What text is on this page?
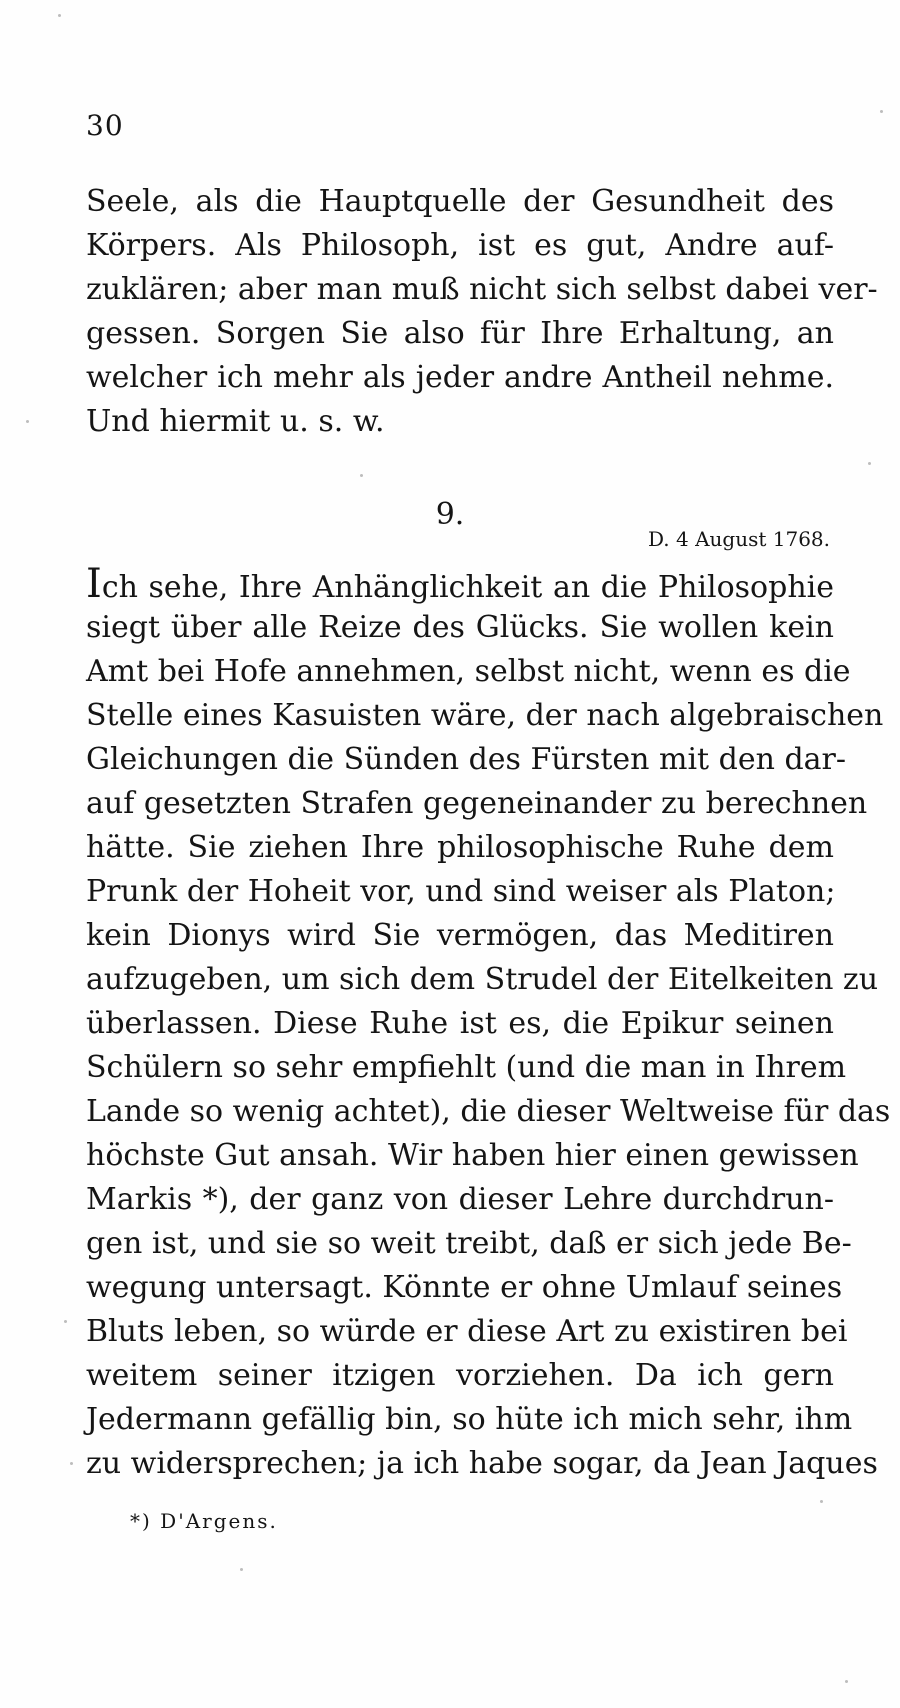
30
Seele, als die Hauptquelle der Gesundheit des
Körpers. Als Philosoph, ist es gut, Andre auf-
zuklären; aber man muß nicht sich selbst dabei ver-
gessen. Sorgen Sie also für Ihre Erhaltung, an
welcher ich mehr als jeder andre Antheil nehme.
Und hiermit u. s. w.
9.
D. 4 August 1768.
Ich sehe, Ihre Anhänglichkeit an die Philosophie
siegt über alle Reize des Glücks. Sie wollen kein
Amt bei Hofe annehmen, selbst nicht, wenn es die
Stelle eines Kasuisten wäre, der nach algebraischen
Gleichungen die Sünden des Fürsten mit den dar-
auf gesetzten Strafen gegeneinander zu berechnen
hätte. Sie ziehen Ihre philosophische Ruhe dem
Prunk der Hoheit vor, und sind weiser als Platon;
kein Dionys wird Sie vermögen, das Meditiren
aufzugeben, um sich dem Strudel der Eitelkeiten zu
überlassen. Diese Ruhe ist es, die Epikur seinen
Schülern so sehr empfiehlt (und die man in Ihrem
Lande so wenig achtet), die dieser Weltweise für das
höchste Gut ansah. Wir haben hier einen gewissen
Markis *), der ganz von dieser Lehre durchdrun-
gen ist, und sie so weit treibt, daß er sich jede Be-
wegung untersagt. Könnte er ohne Umlauf seines
Bluts leben, so würde er diese Art zu existiren bei
weitem seiner itzigen vorziehen. Da ich gern
Jedermann gefällig bin, so hüte ich mich sehr, ihm
zu widersprechen; ja ich habe sogar, da Jean Jaques
*) D'Argens.
